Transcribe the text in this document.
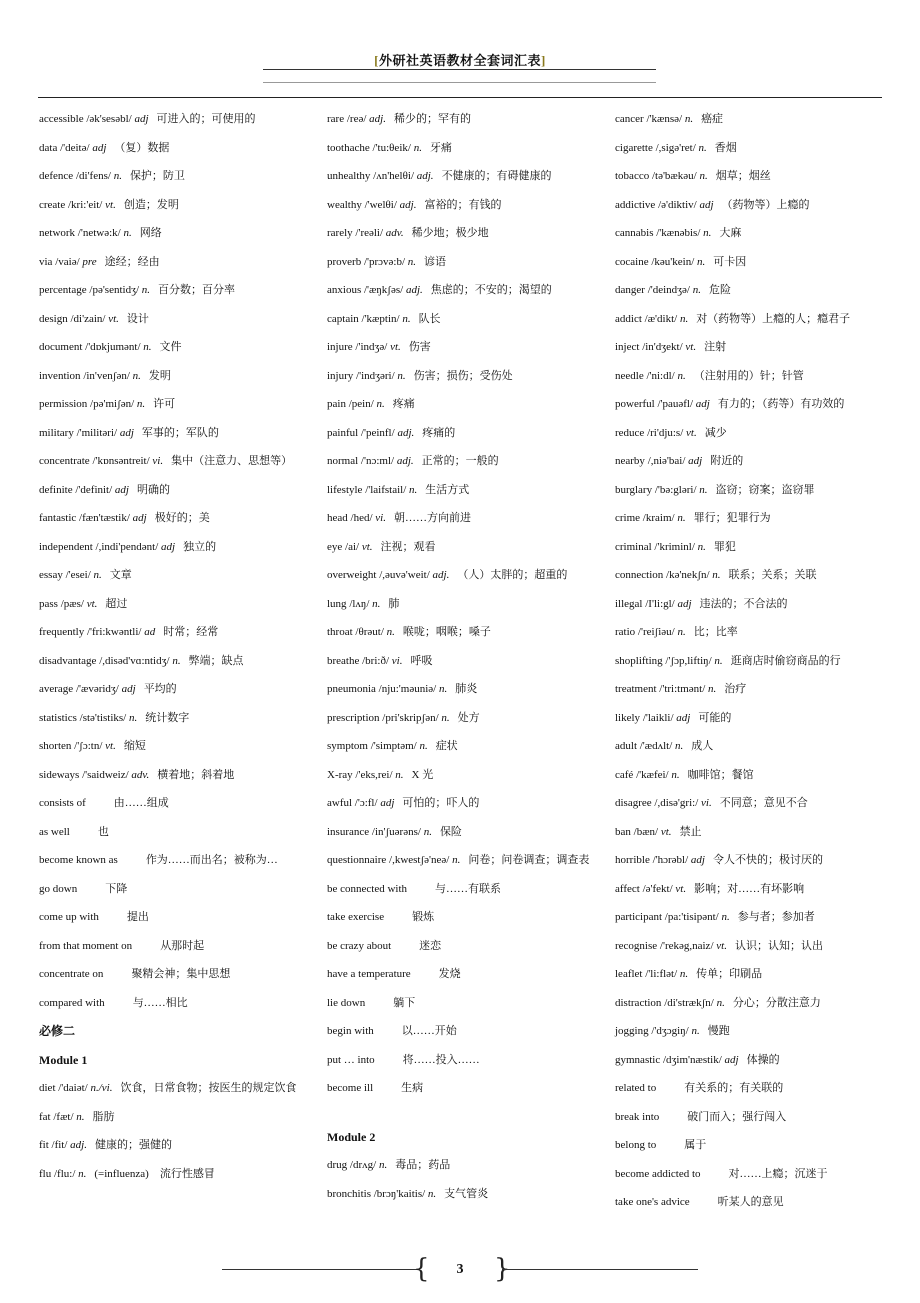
[外研社英语教材全套词汇表]
accessible /ək'sesəbl/ adj 可进入的；可使用的
data /'deitə/ adj （复）数据
defence /di'fens/ n. 保护；防卫
create /kri:'eit/ vt. 创造；发明
network /'netwə:k/ n. 网络
via /vaiə/ pre 途经；经由
percentage /pə'sentidʒ/ n. 百分数；百分率
design /di'zain/ vt. 设计
document /'dɒkjumənt/ n. 文件
invention /in'venʃən/ n. 发明
permission /pə'miʃən/ n. 许可
military /'militəri/ adj 军事的；军队的
concentrate /'kɒnsəntreit/ vi. 集中（注意力、思想等）
definite /'definit/ adj 明确的
fantastic /fæn'tæstik/ adj 极好的；美
independent /,indi'pendənt/ adj 独立的
essay /'esei/ n. 文章
pass /pæs/ vt. 超过
frequently /'fri:kwəntli/ ad 时常；经常
disadvantage /,disəd'vɑ:ntidʒ/ n. 弊端；缺点
average /'ævəridʒ/ adj 平均的
statistics /stə'tistiks/ n. 统计数字
shorten /'ʃɔ:tn/ vt. 缩短
sideways /'saidweiz/ adv. 横着地；斜着地
consists of	由……组成
as well	也
become known as	作为……而出名；被称为…
go down	下降
come up with	提出
from that moment on	从那时起
concentrate on	聚精会神；集中思想
compared with	与……相比
必修二
Module 1
diet /'daiət/ n./vi. 饮食，日常食物；按医生的规定饮食
fat /fæt/ n. 脂肪
fit /fit/ adj. 健康的；强健的
flu /flu:/ n. (=influenza)　流行性感冒
rare /reə/ adj. 稀少的；罕有的
toothache /'tu:θeik/ n. 牙痛
unhealthy /ʌn'helθi/ adj. 不健康的；有碍健康的
wealthy /'welθi/ adj. 富裕的；有钱的
rarely /'reəli/ adv. 稀少地；极少地
proverb /'prɔvə:b/ n. 谚语
anxious /'æŋkʃəs/ adj. 焦虑的；不安的；渴望的
captain /'kæptin/ n. 队长
injure /'indʒə/ vt. 伤害
injury /'indʒəri/ n. 伤害；损伤；受伤处
pain /pein/ n. 疼痛
painful /'peinfl/ adj. 疼痛的
normal /'nɔ:ml/ adj. 正常的；一般的
lifestyle /'laifstail/ n. 生活方式
head /hed/ vi. 朝……方向前进
eye /ai/ vt. 注视；观看
overweight /,əuvə'weit/ adj. （人）太胖的；超重的
lung /lʌŋ/ n. 肺
throat /θrəut/ n. 喉咙；咽喉；嗓子
breathe /bri:ð/ vi. 呼吸
pneumonia /nju:'məuniə/ n. 肺炎
prescription /pri'skripʃən/ n. 处方
symptom /'simptəm/ n. 症状
X-ray /'eks,rei/ n. X 光
awful /'ɔ:fl/ adj 可怕的；吓人的
insurance /in'ʃuərəns/ n. 保险
questionnaire /,kwestʃə'neə/ n. 问卷；问卷调查；调查表
be connected with	与……有联系
take exercise	锻炼
be crazy about	迷恋
have a temperature	发烧
lie down	躺下
begin with	以……开始
put … into	将……投入……
become ill	生病
Module 2
drug /drʌg/ n. 毒品；药品
bronchitis /brɔŋ'kaitis/ n. 支气管炎
cancer /'kænsə/ n. 癌症
cigarette /,sigə'ret/ n. 香烟
tobacco /tə'bækəu/ n. 烟草；烟丝
addictive /ə'diktiv/ adj （药物等）上瘾的
cannabis /'kænəbis/ n. 大麻
cocaine /kəu'kein/ n. 可卡因
danger /'deindʒə/ n. 危险
addict /æ'dikt/ n. 对（药物等）上瘾的人；瘾君子
inject /in'dʒekt/ vt. 注射
needle /'ni:dl/ n. （注射用的）针；针管
powerful /'pauəfl/ adj 有力的；（药等）有功效的
reduce /ri'dju:s/ vt. 减少
nearby /,niə'bai/ adj 附近的
burglary /'bə:gləri/ n. 盗窃；窃案；盗窃罪
crime /kraim/ n. 罪行；犯罪行为
criminal /'kriminl/ n. 罪犯
connection /kə'nekʃn/ n. 联系；关系；关联
illegal /I'li:gl/ adj 违法的；不合法的
ratio /'reiʃiəu/ n. 比；比率
shoplifting /'ʃɔp,liftiŋ/ n. 逛商店时偷窃商品的行
treatment /'tri:tmənt/ n. 治疗
likely /'laikli/ adj 可能的
adult /'ædʌlt/ n. 成人
café /'kæfei/ n. 咖啡馆；餐馆
disagree /,disə'gri:/ vi. 不同意；意见不合
ban /bæn/ vt. 禁止
horrible /'hɔrəbl/ adj 令人不快的；极讨厌的
affect /ə'fekt/ vt. 影响；对……有坏影响
participant /pa:'tisipənt/ n. 参与者；参加者
recognise /'rekəg,naiz/ vt. 认识；认知；认出
leaflet /'li:flət/ n. 传单；印刷品
distraction /di'strækʃn/ n. 分心；分散注意力
jogging /'dʒɔgiŋ/ n. 慢跑
gymnastic /dʒim'næstik/ adj 体操的
related to	有关系的；有关联的
break into	破门而入；强行闯入
belong to	属于
become addicted to	对……上瘾；沉迷于
take one's advice	听某人的意见
{	3	}
